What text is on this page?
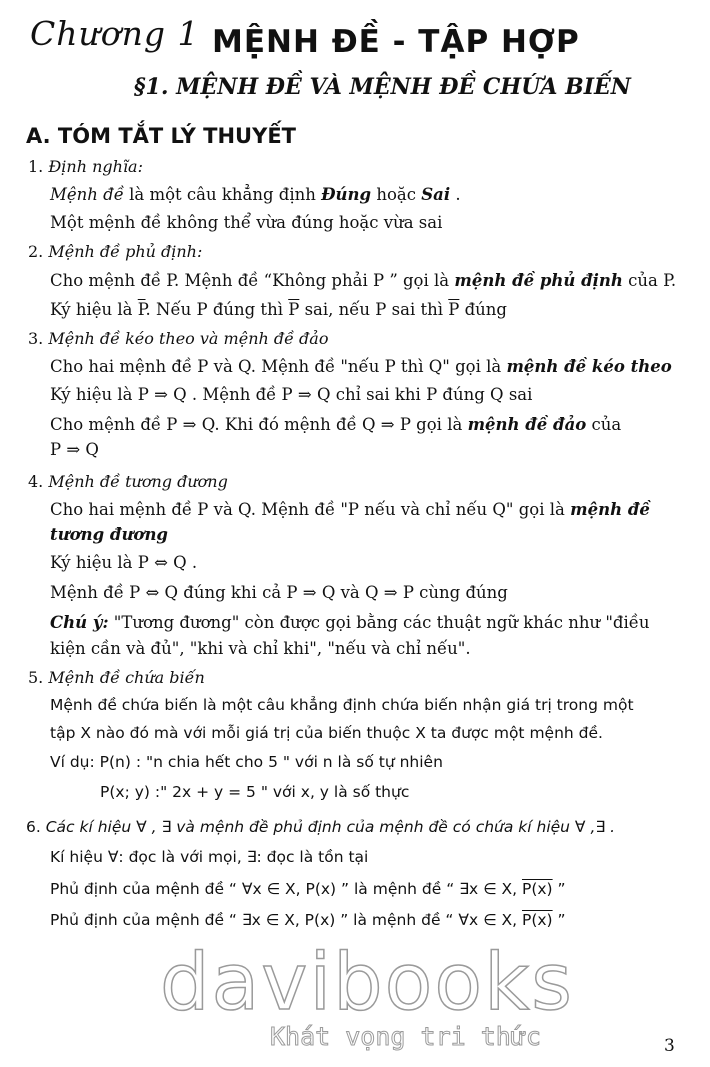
Chương 1 MỆNH ĐỀ - TẬP HỢP
§1. MỆNH ĐỀ VÀ MỆNH ĐỀ CHỨA BIẾN
A. TÓM TẮT LÝ THUYẾT
1. Định nghĩa:
Mệnh đề là một câu khẳng định Đúng hoặc Sai .
Một mệnh đề không thể vừa đúng hoặc vừa sai
2. Mệnh đề phủ định:
Cho mệnh đề P. Mệnh đề “Không phải P ” gọi là mệnh đề phủ định của P.
Ký hiệu là $\overline{P}$. Nếu P đúng thì $\overline{P}$ sai, nếu P sai thì $\overline{P}$ đúng
3. Mệnh đề kéo theo và mệnh đề đảo
Cho hai mệnh đề P và Q. Mệnh đề "nếu P thì Q" gọi là mệnh đề kéo theo
Ký hiệu là P ⇒ Q . Mệnh đề P ⇒ Q chỉ sai khi P đúng Q sai
Cho mệnh đề P ⇒ Q. Khi đó mệnh đề Q ⇒ P gọi là mệnh đề đảo của
P ⇒ Q
4. Mệnh đề tương đương
Cho hai mệnh đề P và Q. Mệnh đề "P nếu và chỉ nếu Q" gọi là mệnh đề
tương đương
Ký hiệu là P ⇔ Q .
Mệnh đề P ⇔ Q đúng khi cả P ⇒ Q và Q ⇒ P cùng đúng
Chú ý: "Tương đương" còn được gọi bằng các thuật ngữ khác như "điều
kiện cần và đủ", "khi và chỉ khi", "nếu và chỉ nếu".
5. Mệnh đề chứa biến
Mệnh đề chứa biến là một câu khẳng định chứa biến nhận giá trị trong một
tập X nào đó mà với mỗi giá trị của biến thuộc X ta được một mệnh đề.
Ví dụ: P(n) : "n chia hết cho 5 " với n là số tự nhiên
P(x; y) :" 2x + y = 5 " với x, y là số thực
6. Các kí hiệu ∀ , ∃ và mệnh đề phủ định của mệnh đề có chứa kí hiệu ∀ ,∃ .
Kí hiệu ∀: đọc là với mọi, ∃: đọc là tồn tại
Phủ định của mệnh đề “ ∀x ∈ X, P(x) ” là mệnh đề “ ∃x ∈ X, P(x) ”
Phủ định của mệnh đề “ ∃x ∈ X, P(x) ” là mệnh đề “ ∀x ∈ X, P(x) ”
davibooks
Khát vọng tri thức	3
